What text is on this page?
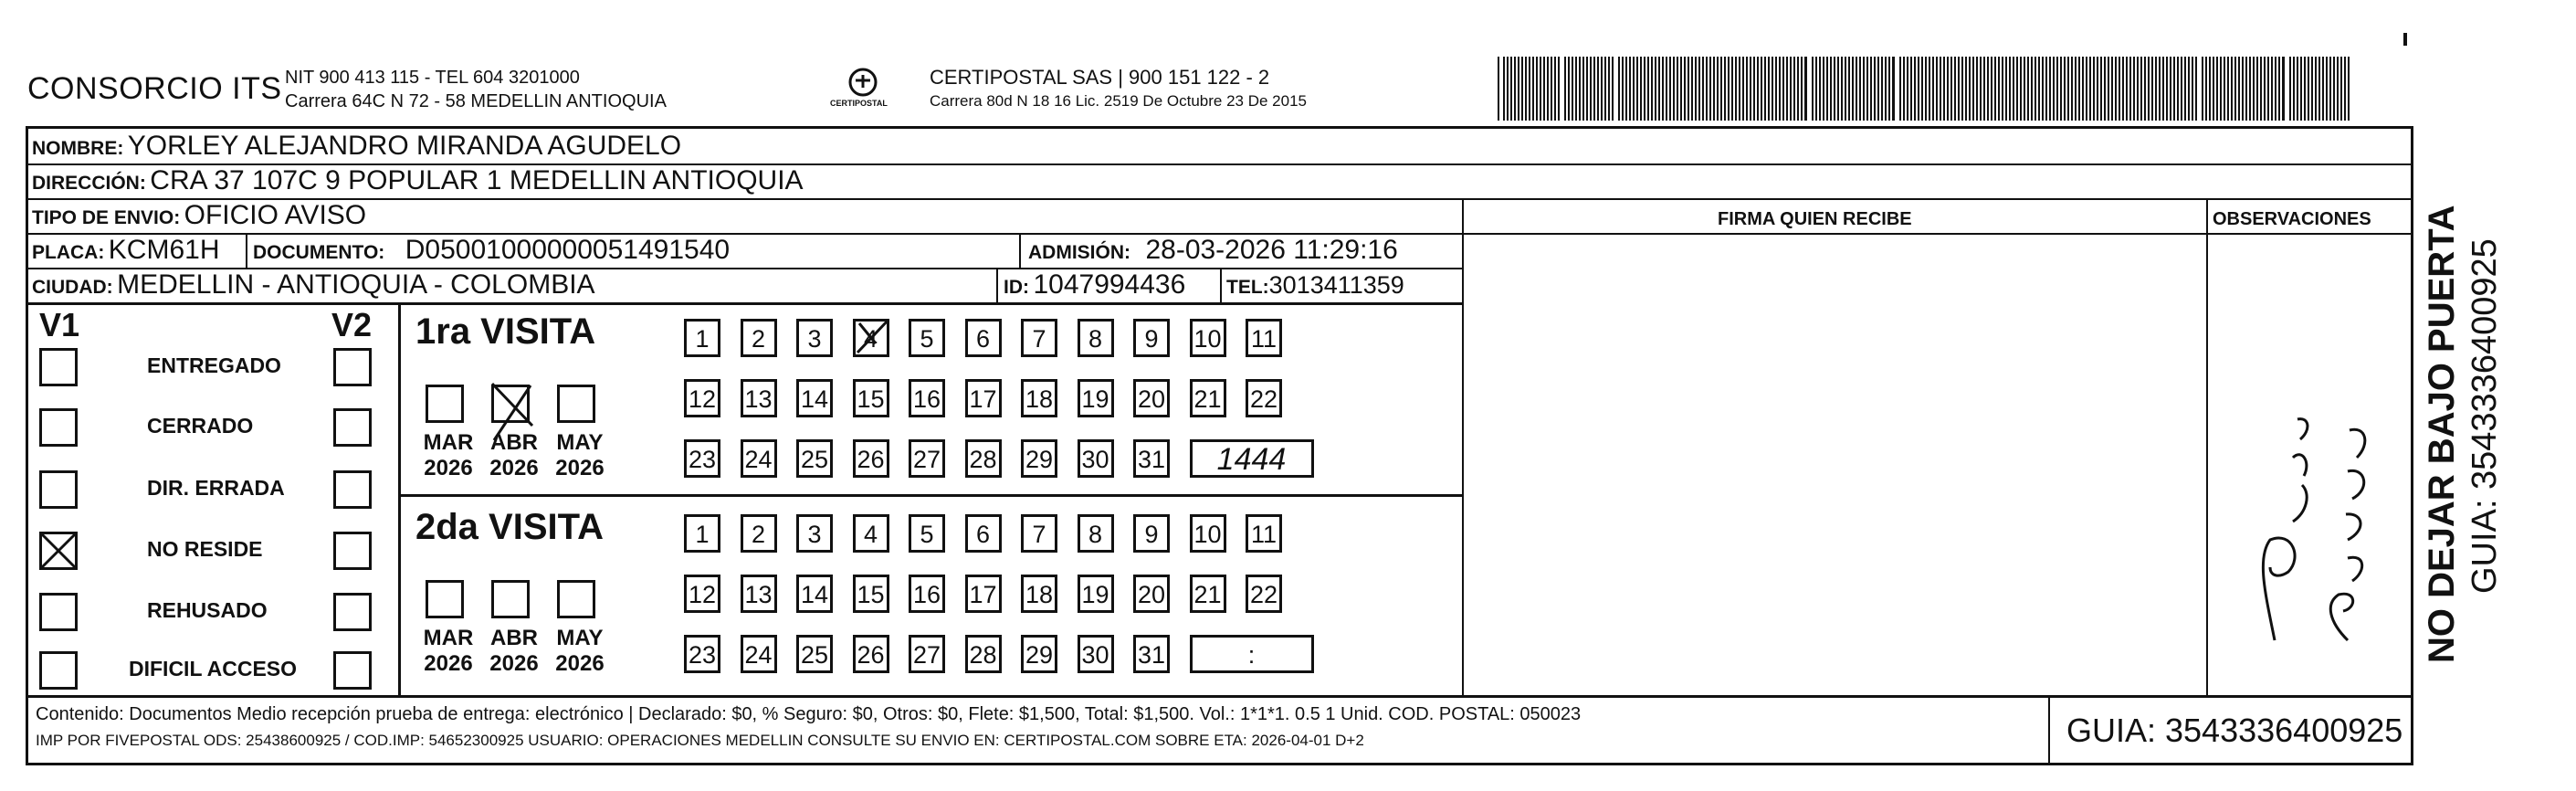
CONSORCIO ITS NIT 900 413 115 - TEL 604 3201000
Carrera 64C N 72 - 58 MEDELLIN ANTIOQUIA	CERTIPOSTAL
CERTIPOSTAL SAS | 900 151 122 - 2
Carrera 80d N 18 16 Lic. 2519 De Octubre 23 De 2015
NOMBRE: YORLEY ALEJANDRO MIRANDA AGUDELO
DIRECCIÓN: CRA 37 107C 9 POPULAR 1 MEDELLIN ANTIOQUIA
TIPO DE ENVIO: OFICIO AVISO	FIRMA QUIEN RECIBE	OBSERVACIONES
PLACA: KCM61H DOCUMENTO: D05001000000051491540	ADMISIÓN: 28-03-2026 11:29:16
CIUDAD: MEDELLIN - ANTIOQUIA - COLOMBIA	ID: 1047994436 TEL:3013411359
V1	V2
ENTREGADO
CERRADO
DIR. ERRADA
NO RESIDE
REHUSADO
DIFICIL ACCESO
1ra VISITA
MAR
2026
ABR
2026
MAY
2026
1	2	3	4	5	6	7	8	9	10 11
12 13 14 15 16 17 18 19 20 21 22
23 24 25 26 27 28 29 30 31	1444
2da VISITA
MAR
2026
ABR
2026
MAY
2026
1	2	3	4	5	6	7	8	9	10 11
12 13 14 15 16 17 18 19 20 21 22
23 24 25 26 27 28 29 30 31	:
Contenido: Documentos Medio recepción prueba de entrega: electrónico | Declarado: $0, % Seguro: $0, Otros: $0, Flete: $1,500, Total: $1,500. Vol.: 1*1*1. 0.5 1 Unid. COD. POSTAL: 050023
IMP POR FIVEPOSTAL ODS: 25438600925 / COD.IMP: 54652300925 USUARIO: OPERACIONES MEDELLIN CONSULTE SU ENVIO EN: CERTIPOSTAL.COM SOBRE ETA: 2026-04-01 D+2	GUIA: 3543336400925
NO DEJAR BAJO PUERTA GUIA: 3543336400925
